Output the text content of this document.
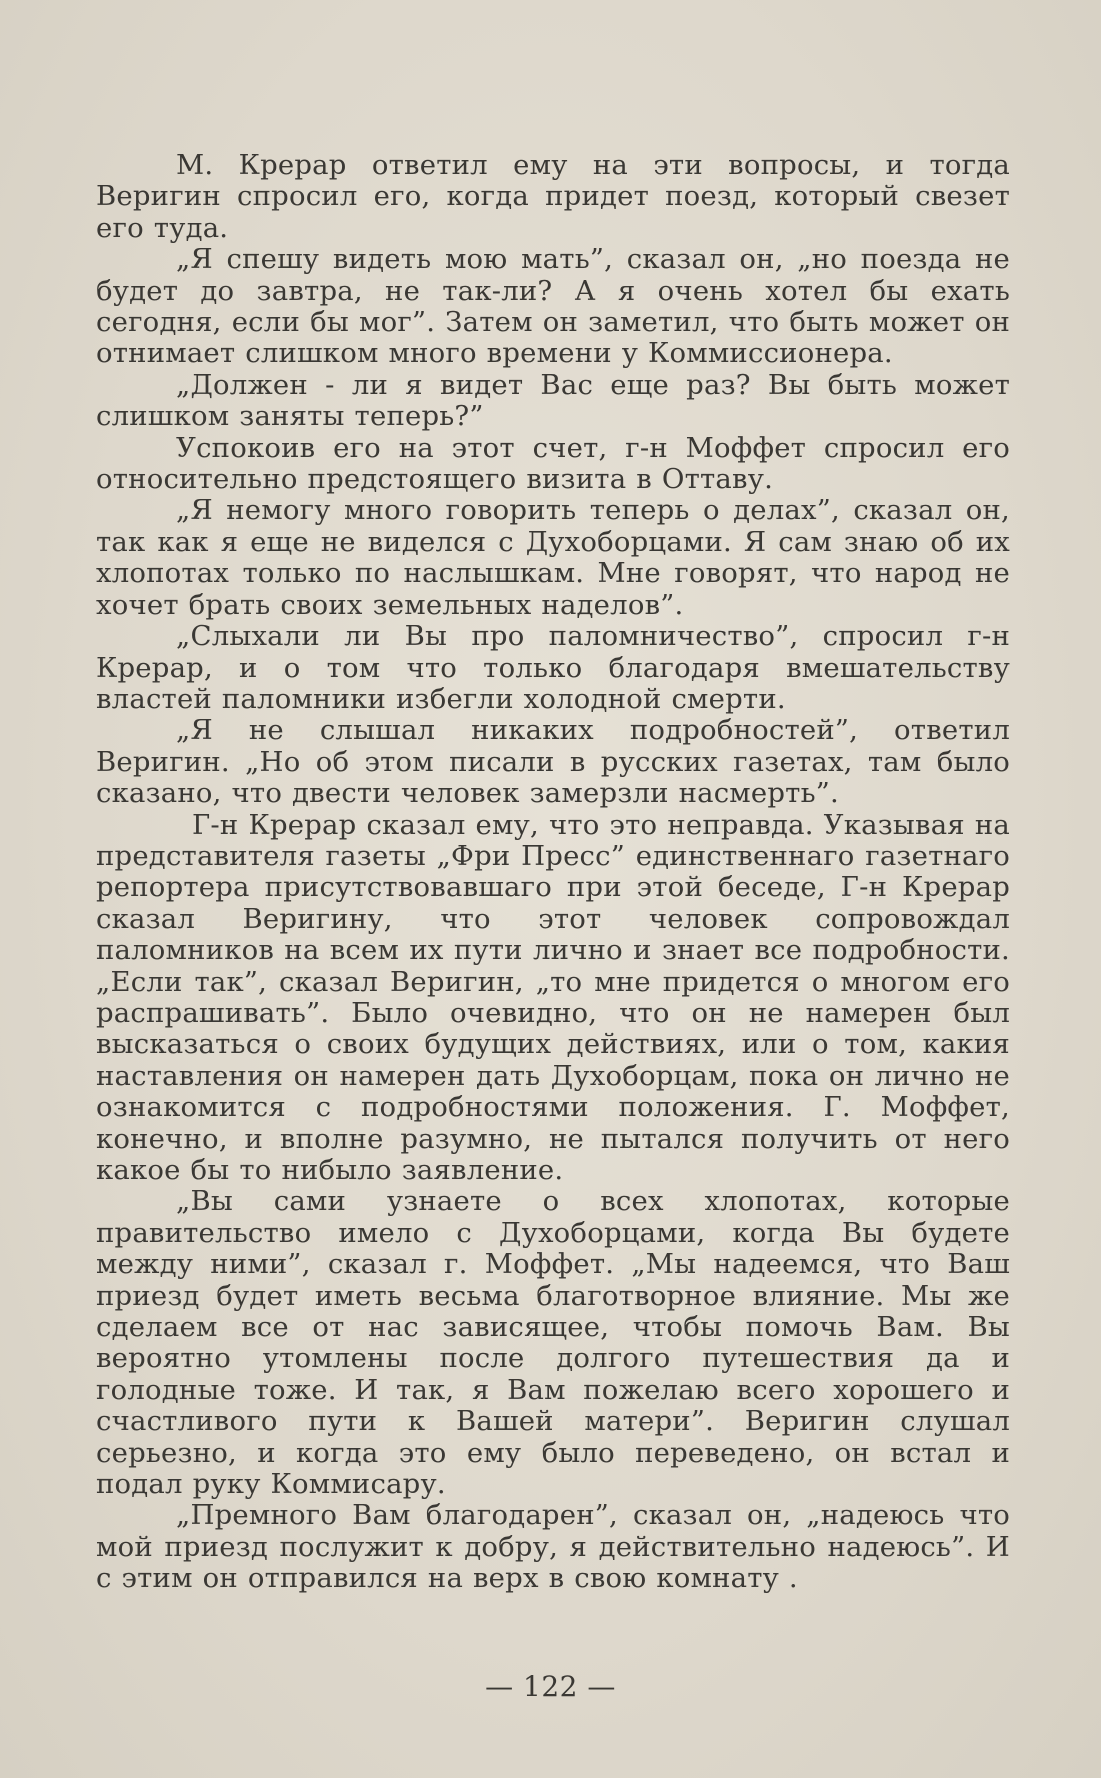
М. Крерар ответил ему на эти вопросы, и тогда Веригин спросил его, когда придет поезд, который свезет его туда.

„Я спешу видеть мою мать”, сказал он, „но поезда не будет до завтра, не так-ли? А я очень хотел бы ехать сегодня, если бы мог”. Затем он заметил, что быть может он отнимает слишком много времени у Коммиссионера.

„Должен - ли я видет Вас еще раз? Вы быть может слишком заняты теперь?”

Успокоив его на этот счет, г-н Моффет спросил его относительно предстоящего визита в Оттаву.

„Я немогу много говорить теперь о делах”, сказал он, так как я еще не виделся с Духоборцами. Я сам знаю об их хлопотах только по наслышкам. Мне говорят, что народ не хочет брать своих земельных наделов”.

„Слыхали ли Вы про паломничество”, спросил г-н Крерар, и о том что только благодаря вмешательству властей паломники избегли холодной смерти.

„Я не слышал никаких подробностей”, ответил Веригин. „Но об этом писали в русских газетах, там было сказано, что двести человек замерзли насмерть”.

Г-н Крерар сказал ему, что это неправда. Указывая на представителя газеты „Фри Пресс” единственнаго газетнаго репортера присутствовавшаго при этой беседе, Г-н Крерар сказал Веригину, что этот человек сопровождал паломников на всем их пути лично и знает все подробности. „Если так”, сказал Веригин, „то мне придется о многом его распрашивать”. Было очевидно, что он не намерен был высказаться о своих будущих действиях, или о том, какия наставления он намерен дать Духоборцам, пока он лично не ознакомится с подробностями положения. Г. Моффет, конечно, и вполне разумно, не пытался получить от него какое бы то нибыло заявление.

„Вы сами узнаете о всех хлопотах, которые правительство имело с Духоборцами, когда Вы будете между ними”, сказал г. Моффет. „Мы надеемся, что Ваш приезд будет иметь весьма благотворное влияние. Мы же сделаем все от нас зависящее, чтобы помочь Вам. Вы вероятно утомлены после долгого путешествия да и голодные тоже. И так, я Вам пожелаю всего хорошего и счастливого пути к Вашей матери”. Веригин слушал серьезно, и когда это ему было переведено, он встал и подал руку Коммисару.

„Премного Вам благодарен”, сказал он, „надеюсь что мой приезд послужит к добру, я действительно надеюсь”. И с этим он отправился на верх в свою комнату .

— 122 —
